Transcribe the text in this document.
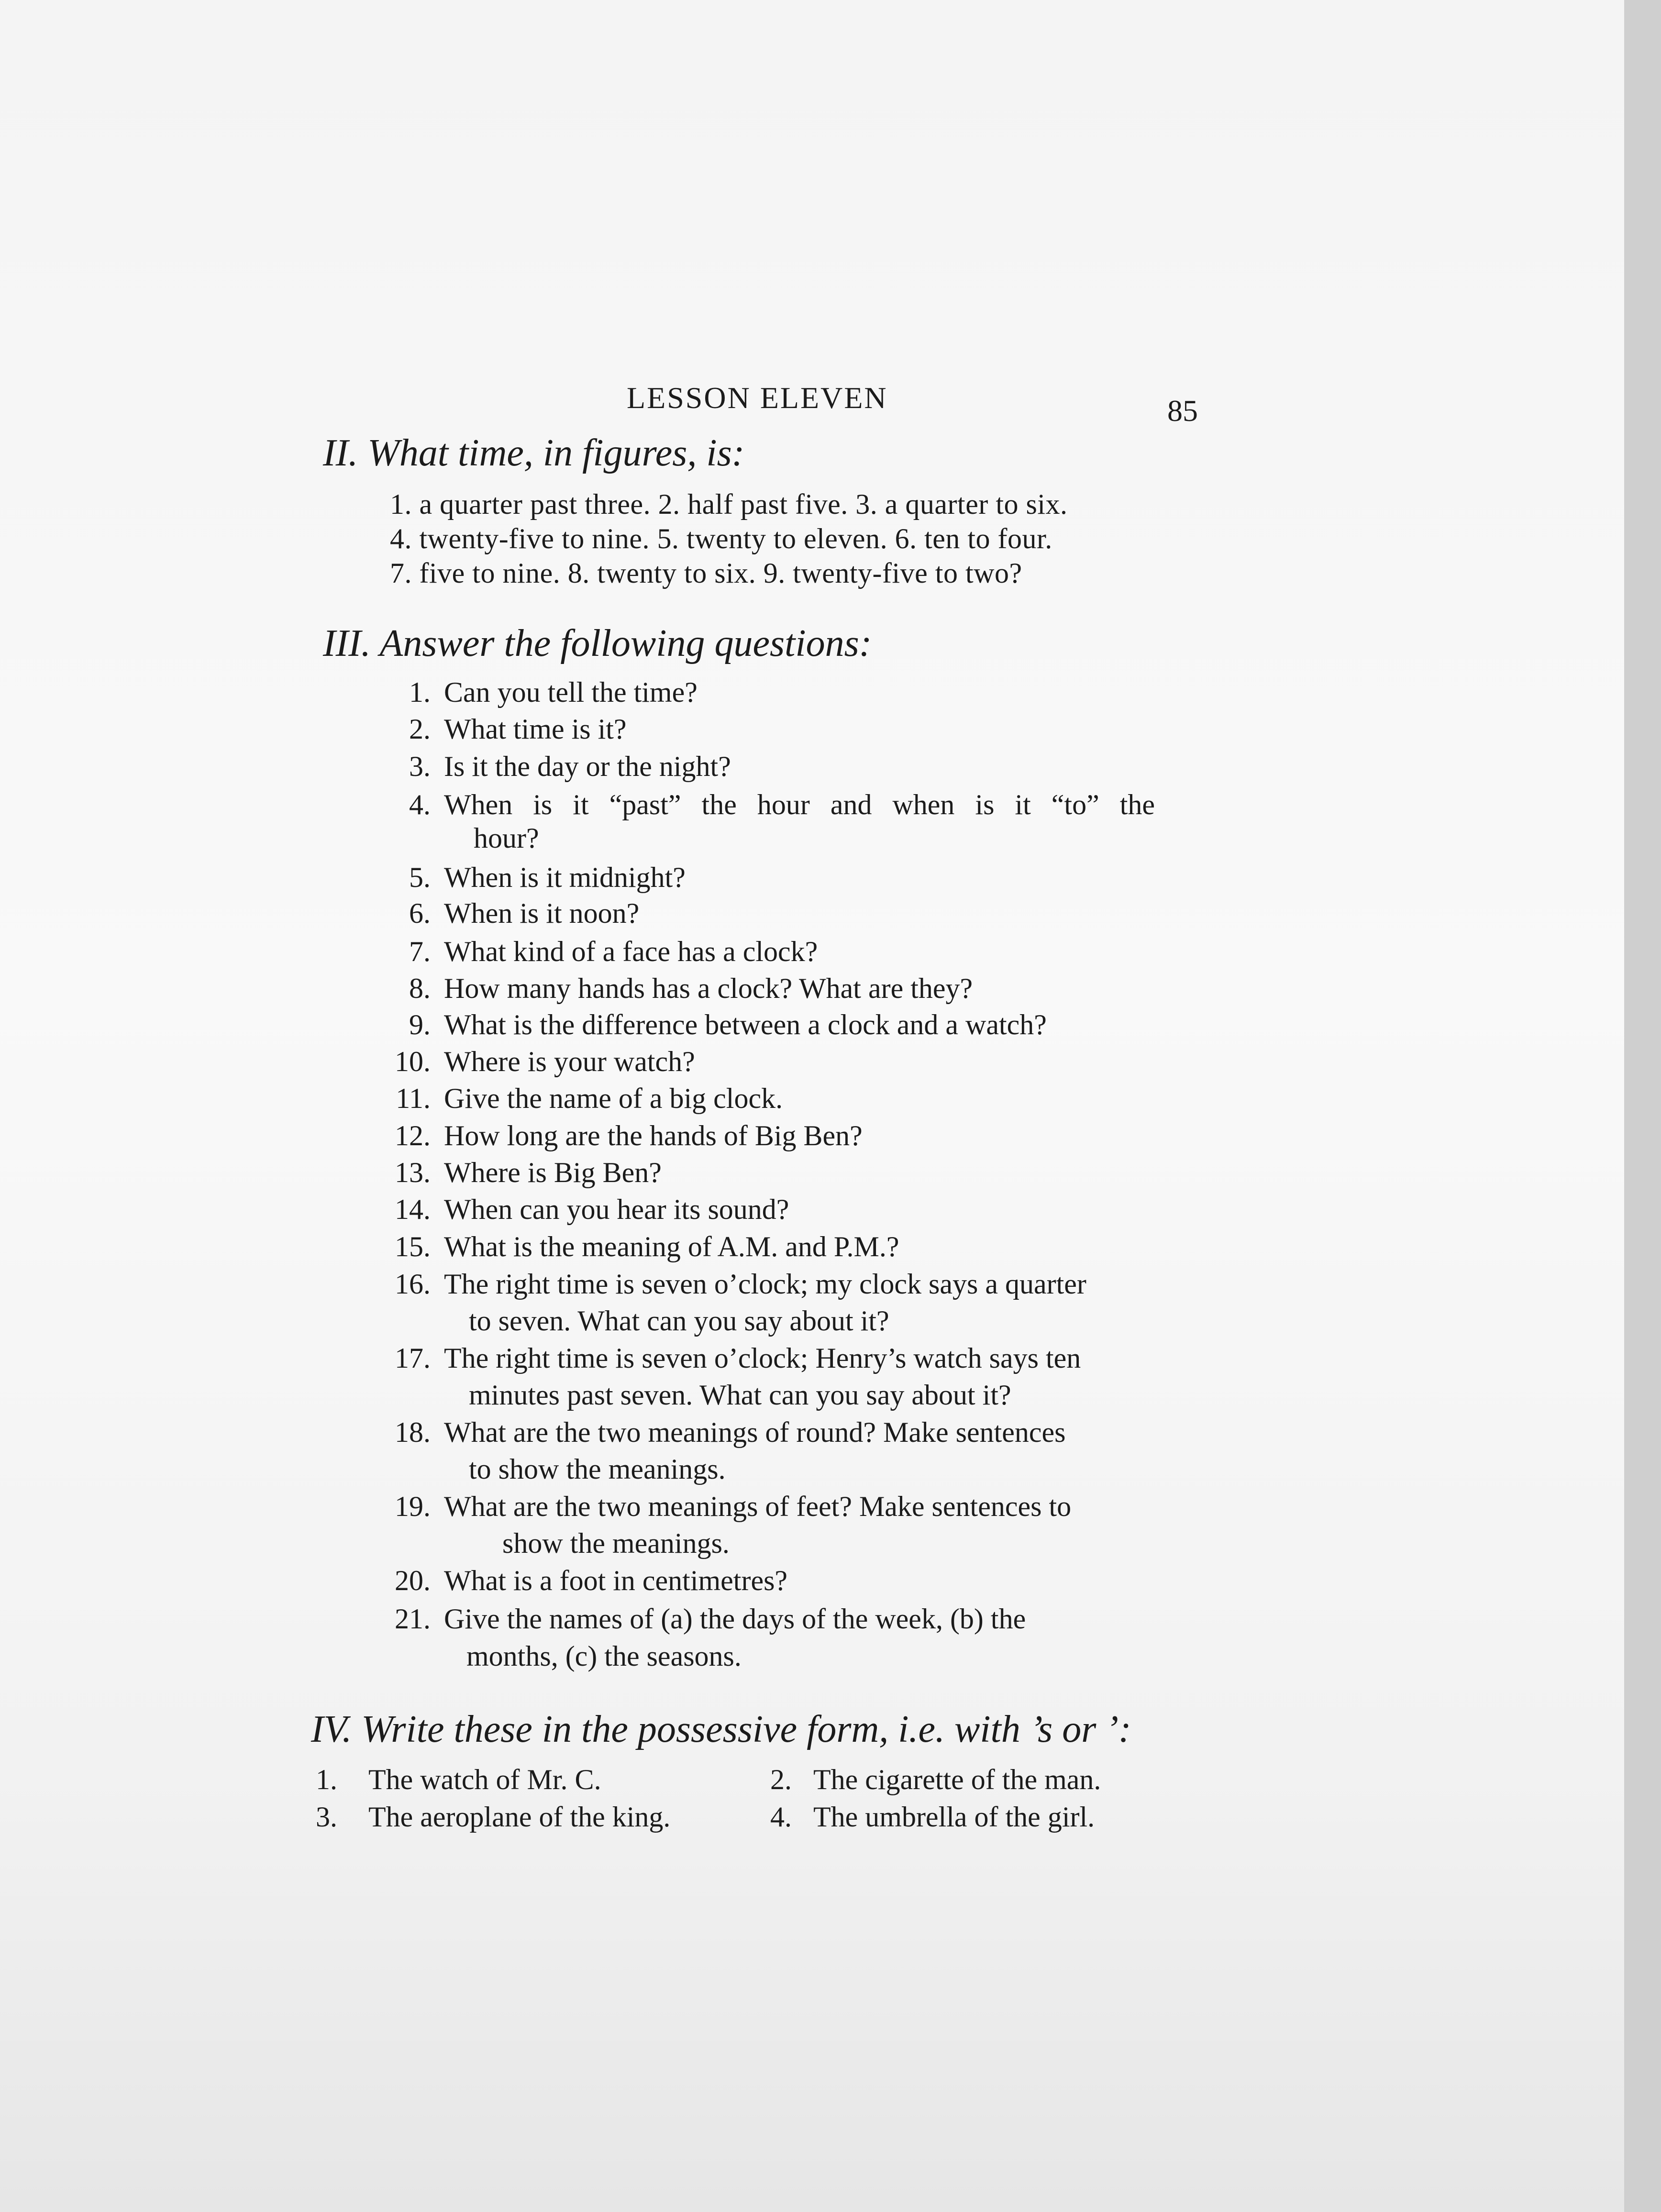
LESSON ELEVEN	85
II. What time, in figures, is:
1. a quarter past three. 2. half past five. 3. a quarter to six.
4. twenty-five to nine. 5. twenty to eleven. 6. ten to four.
7. five to nine. 8. twenty to six. 9. twenty-five to two?
III. Answer the following questions:
1. Can you tell the time?
2. What time is it?
3. Is it the day or the night?
4. When is it “past” the hour and when is it “to” the
hour?
5. When is it midnight?
6. When is it noon?
7. What kind of a face has a clock?
8. How many hands has a clock? What are they?
9. What is the difference between a clock and a watch?
10. Where is your watch?
11. Give the name of a big clock.
12. How long are the hands of Big Ben?
13. Where is Big Ben?
14. When can you hear its sound?
15. What is the meaning of A.M. and P.M.?
16. The right time is seven o’clock; my clock says a quarter
to seven. What can you say about it?
17. The right time is seven o’clock; Henry’s watch says ten
minutes past seven. What can you say about it?
18. What are the two meanings of round? Make sentences
to show the meanings.
19. What are the two meanings of feet? Make sentences to
show the meanings.
20. What is a foot in centimetres?
21. Give the names of (a) the days of the week, (b) the
months, (c) the seasons.
IV. Write these in the possessive form, i.e. with ’s or ’:
1. The watch of Mr. C.	2. The cigarette of the man.
3. The aeroplane of the king.	4. The umbrella of the girl.
